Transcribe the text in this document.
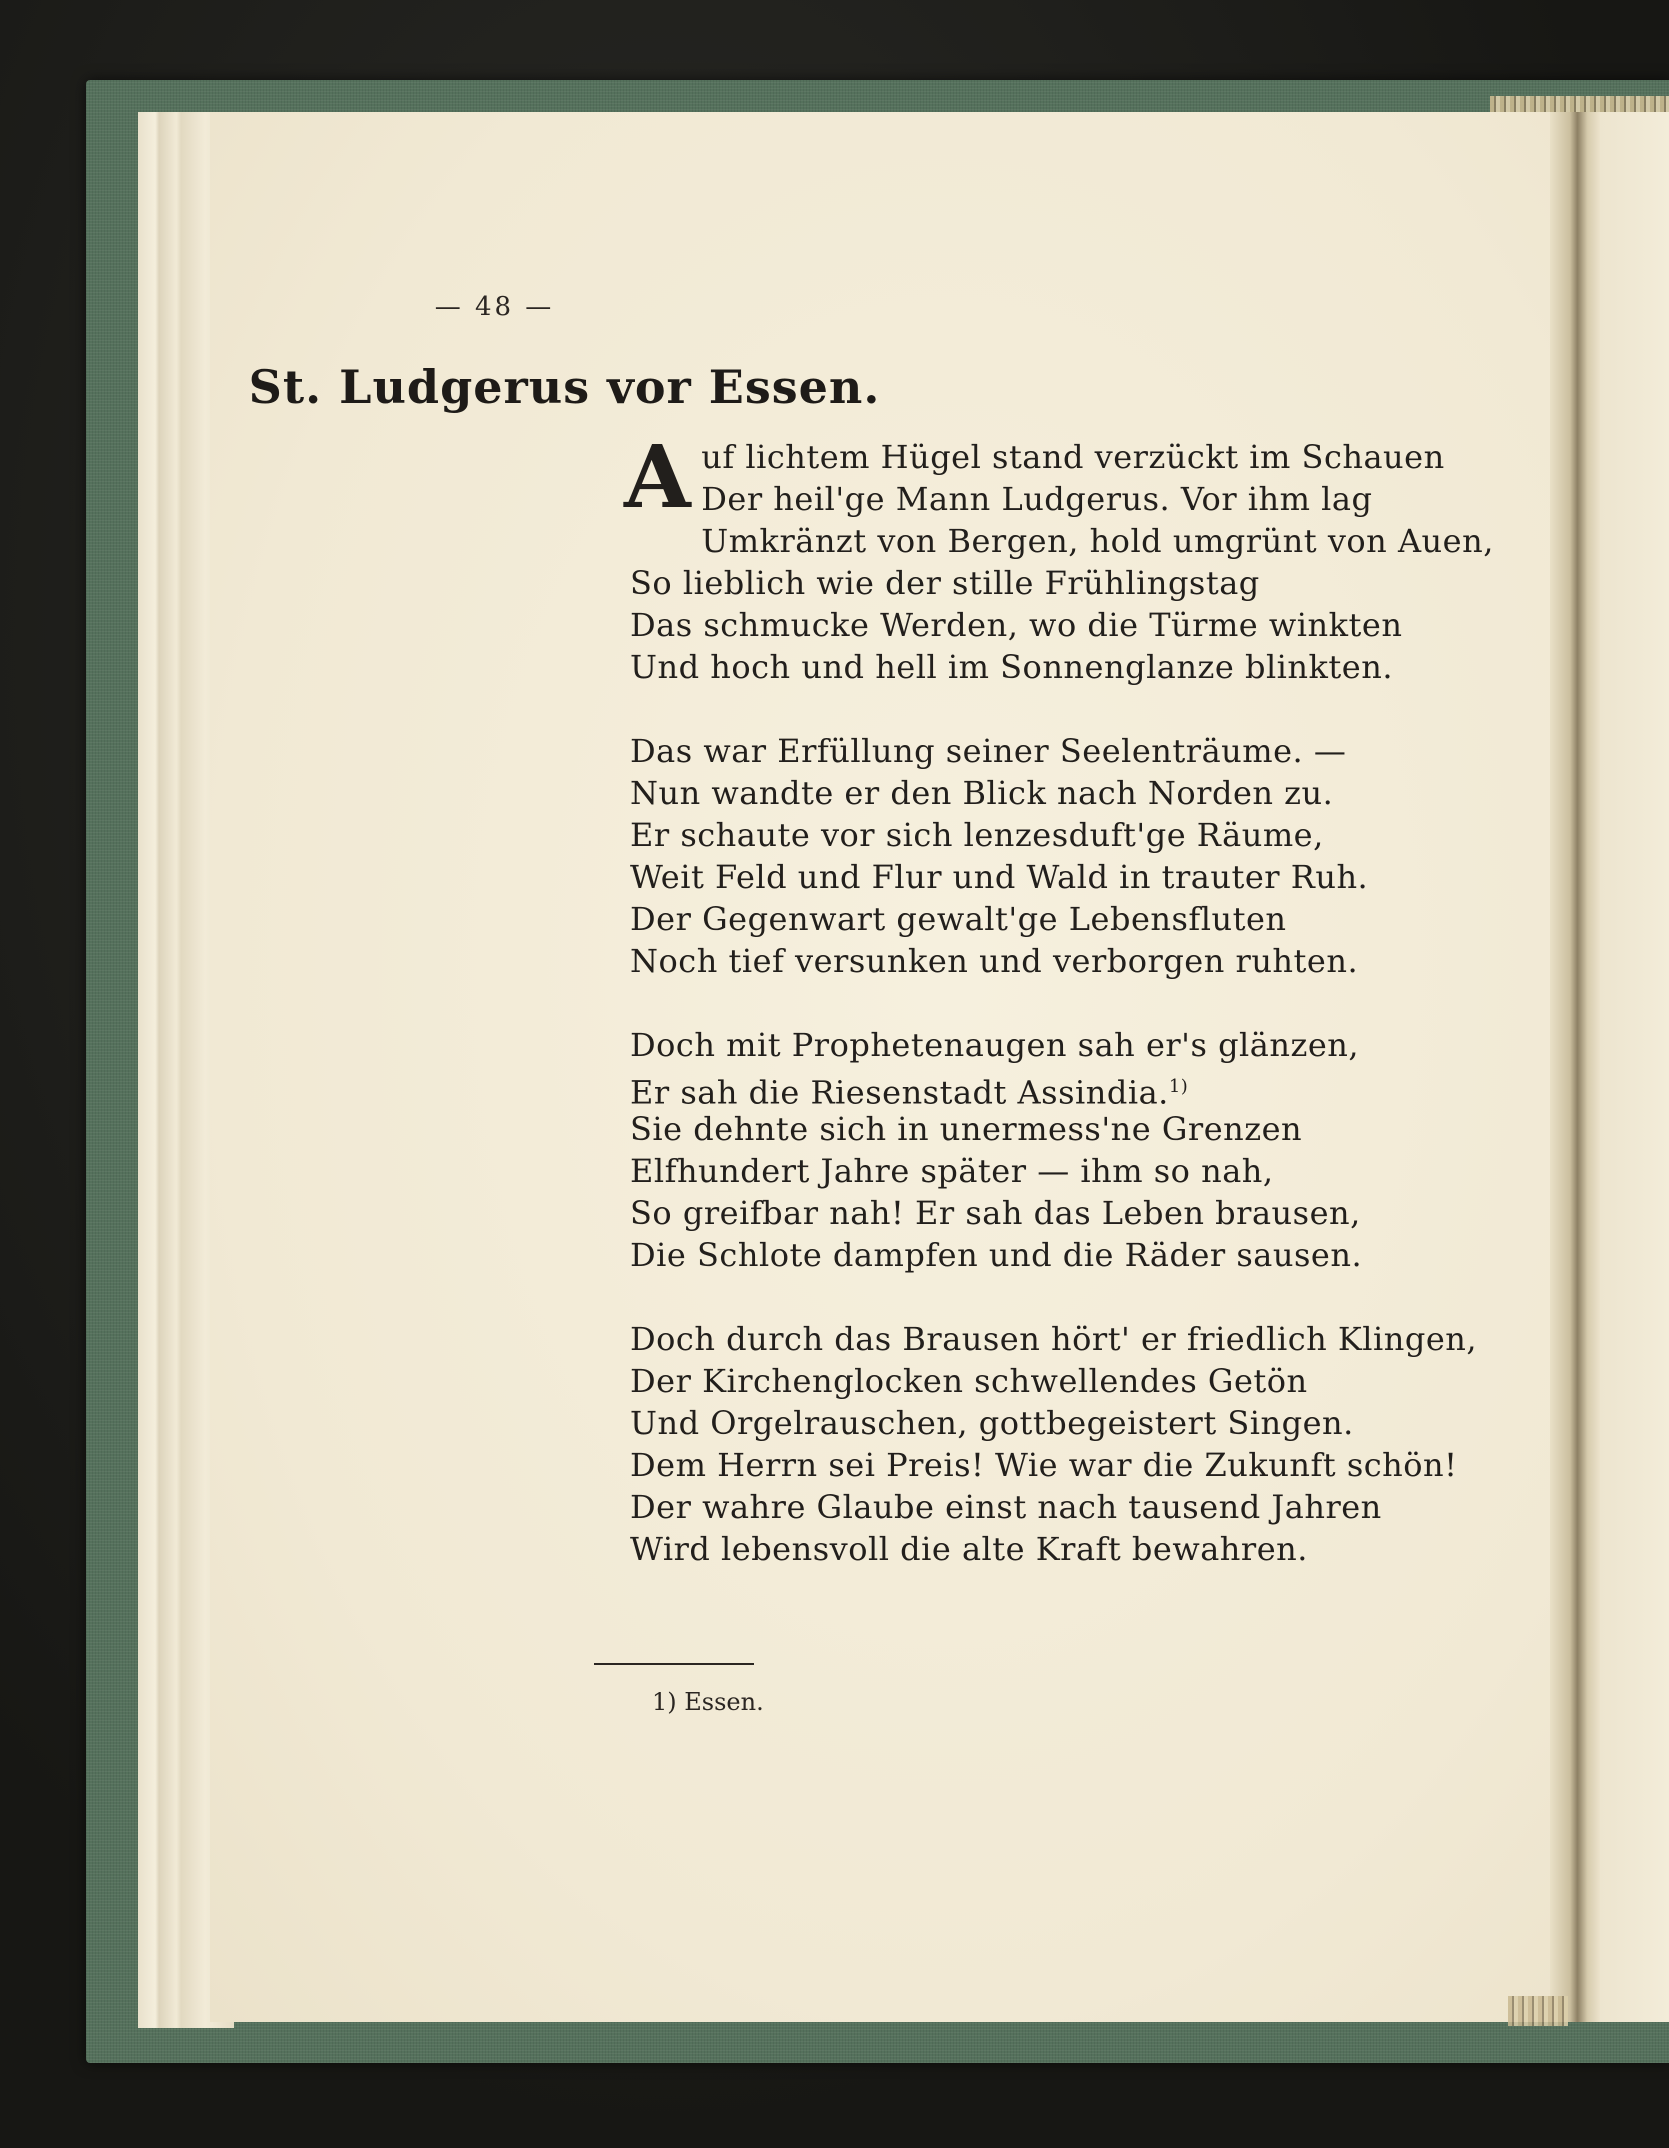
— 48 —
St. Ludgerus vor Essen.
A uf lichtem Hügel stand verzückt im Schauen
Der heil'ge Mann Ludgerus. Vor ihm lag
Umkränzt von Bergen, hold umgrünt von Auen,
So lieblich wie der stille Frühlingstag
Das schmucke Werden, wo die Türme winkten
Und hoch und hell im Sonnenglanze blinkten.
Das war Erfüllung seiner Seelenträume. —
Nun wandte er den Blick nach Norden zu.
Er schaute vor sich lenzesduft'ge Räume,
Weit Feld und Flur und Wald in trauter Ruh.
Der Gegenwart gewalt'ge Lebensfluten
Noch tief versunken und verborgen ruhten.
Doch mit Prophetenaugen sah er's glänzen,
Er sah die Riesenstadt Assindia.$^{1)}$
Sie dehnte sich in unermess'ne Grenzen
Elfhundert Jahre später — ihm so nah,
So greifbar nah! Er sah das Leben brausen,
Die Schlote dampfen und die Räder sausen.
Doch durch das Brausen hört' er friedlich Klingen,
Der Kirchenglocken schwellendes Getön
Und Orgelrauschen, gottbegeistert Singen.
Dem Herrn sei Preis! Wie war die Zukunft schön!
Der wahre Glaube einst nach tausend Jahren
Wird lebensvoll die alte Kraft bewahren.
1) Essen.
